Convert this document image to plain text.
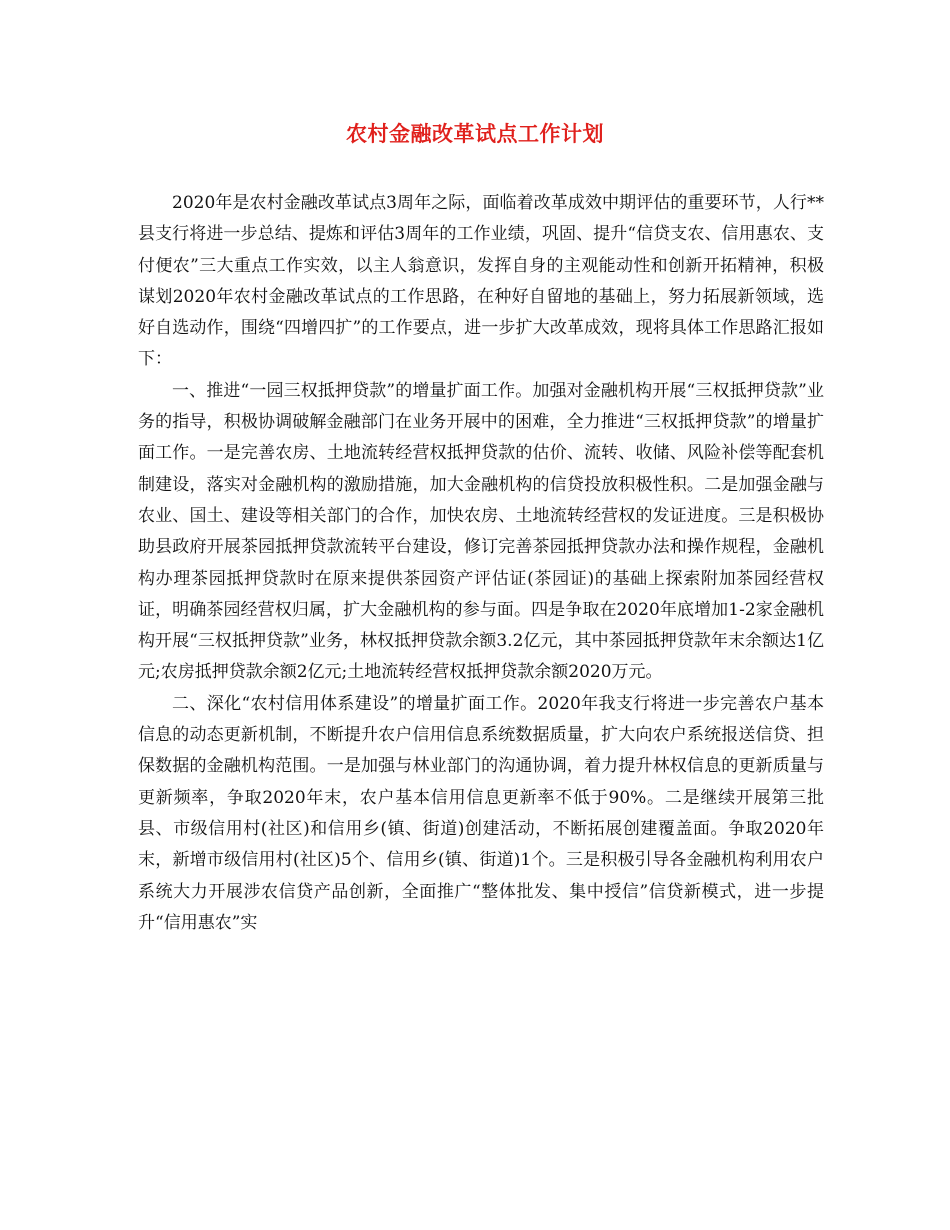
农村金融改革试点工作计划

2020年是农村金融改革试点3周年之际，面临着改革成效中期评估的重要环节，人行**县支行将进一步总结、提炼和评估3周年的工作业绩，巩固、提升“信贷支农、信用惠农、支付便农”三大重点工作实效，以主人翁意识，发挥自身的主观能动性和创新开拓精神，积极谋划2020年农村金融改革试点的工作思路，在种好自留地的基础上，努力拓展新领域，选好自选动作，围绕“四增四扩”的工作要点，进一步扩大改革成效，现将具体工作思路汇报如下：

一、推进“一园三权抵押贷款”的增量扩面工作。加强对金融机构开展“三权抵押贷款”业务的指导，积极协调破解金融部门在业务开展中的困难，全力推进“三权抵押贷款”的增量扩面工作。一是完善农房、土地流转经营权抵押贷款的估价、流转、收储、风险补偿等配套机制建设，落实对金融机构的激励措施，加大金融机构的信贷投放积极性积。二是加强金融与农业、国土、建设等相关部门的合作，加快农房、土地流转经营权的发证进度。三是积极协助县政府开展茶园抵押贷款流转平台建设，修订完善茶园抵押贷款办法和操作规程，金融机构办理茶园抵押贷款时在原来提供茶园资产评估证(茶园证)的基础上探索附加茶园经营权证，明确茶园经营权归属，扩大金融机构的参与面。四是争取在2020年底增加1-2家金融机构开展“三权抵押贷款”业务，林权抵押贷款余额3.2亿元，其中茶园抵押贷款年末余额达1亿元;农房抵押贷款余额2亿元;土地流转经营权抵押贷款余额2020万元。

二、深化“农村信用体系建设”的增量扩面工作。2020年我支行将进一步完善农户基本信息的动态更新机制，不断提升农户信用信息系统数据质量，扩大向农户系统报送信贷、担保数据的金融机构范围。一是加强与林业部门的沟通协调，着力提升林权信息的更新质量与更新频率，争取2020年末，农户基本信用信息更新率不低于90%。二是继续开展第三批县、市级信用村(社区)和信用乡(镇、街道)创建活动，不断拓展创建覆盖面。争取2020年末，新增市级信用村(社区)5个、信用乡(镇、街道)1个。三是积极引导各金融机构利用农户系统大力开展涉农信贷产品创新，全面推广“整体批发、集中授信”信贷新模式，进一步提升“信用惠农”实
